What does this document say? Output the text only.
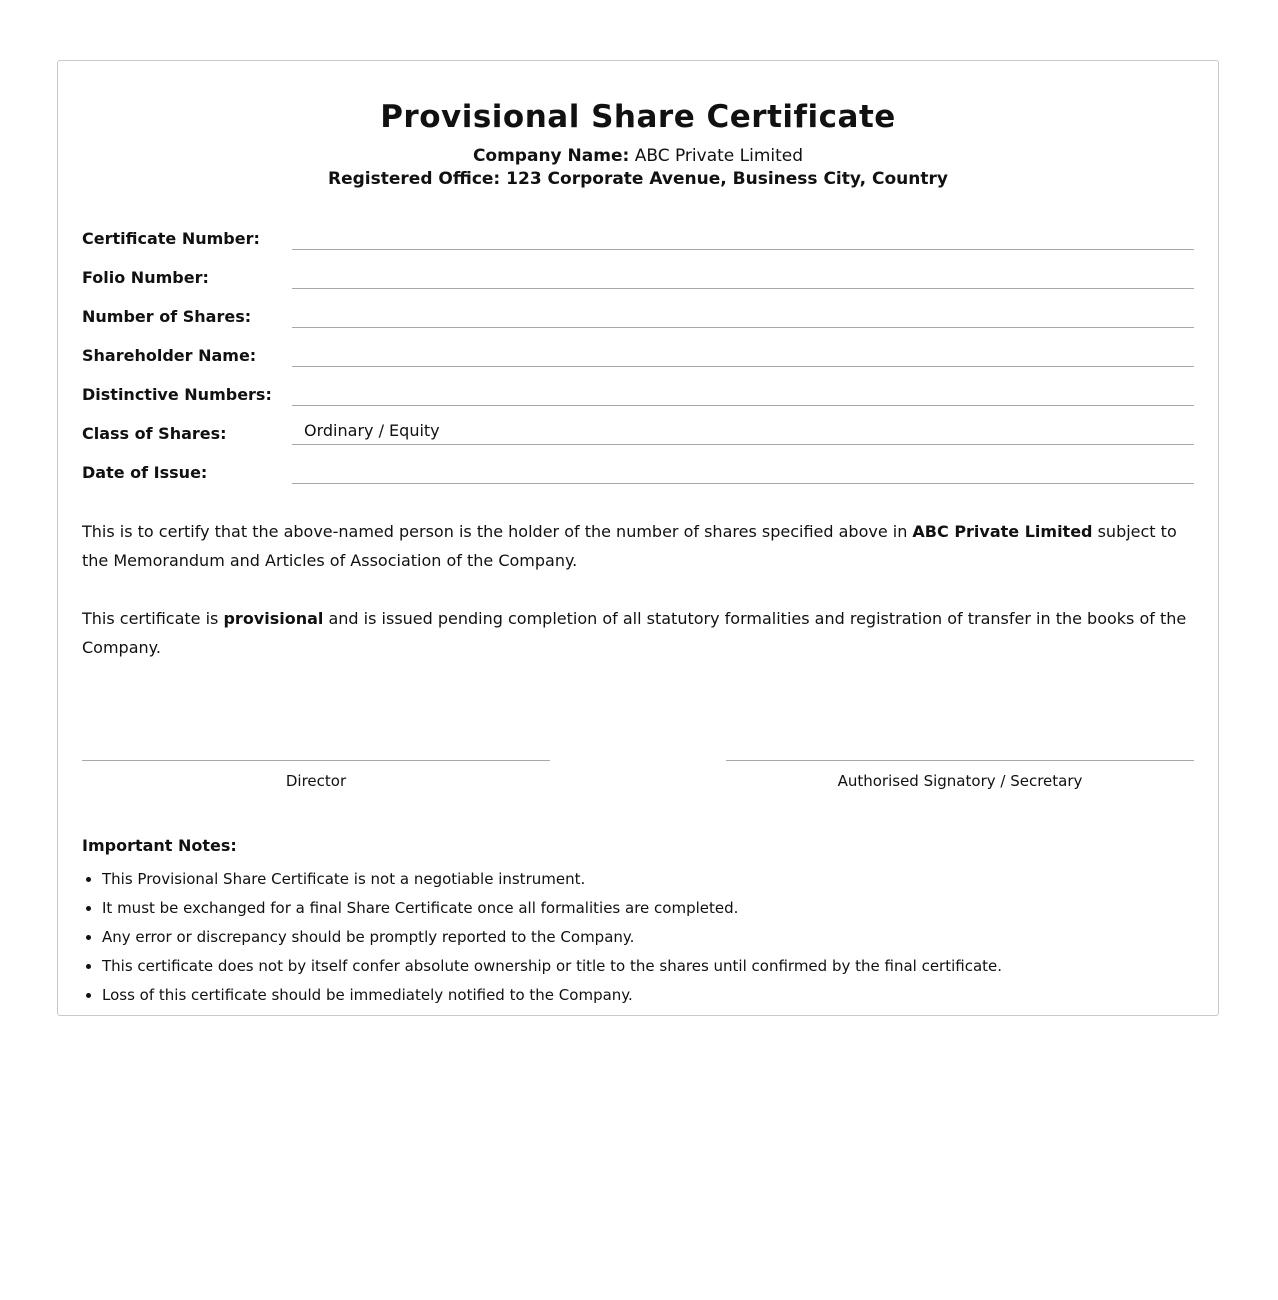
Provisional Share Certificate
Company Name: ABC Private Limited
Registered Office: 123 Corporate Avenue, Business City, Country
Certificate Number:
Folio Number:
Number of Shares:
Shareholder Name:
Distinctive Numbers:
Class of Shares:	Ordinary / Equity
Date of Issue:

This is to certify that the above-named person is the holder of the number of shares specified above in ABC Private Limited subject to the Memorandum and Articles of Association of the Company.

This certificate is provisional and is issued pending completion of all statutory formalities and registration of transfer in the books of the Company.

Director	Authorised Signatory / Secretary
Important Notes:
• This Provisional Share Certificate is not a negotiable instrument.
• It must be exchanged for a final Share Certificate once all formalities are completed.
• Any error or discrepancy should be promptly reported to the Company.
• This certificate does not by itself confer absolute ownership or title to the shares until confirmed by the final certificate.
• Loss of this certificate should be immediately notified to the Company.
